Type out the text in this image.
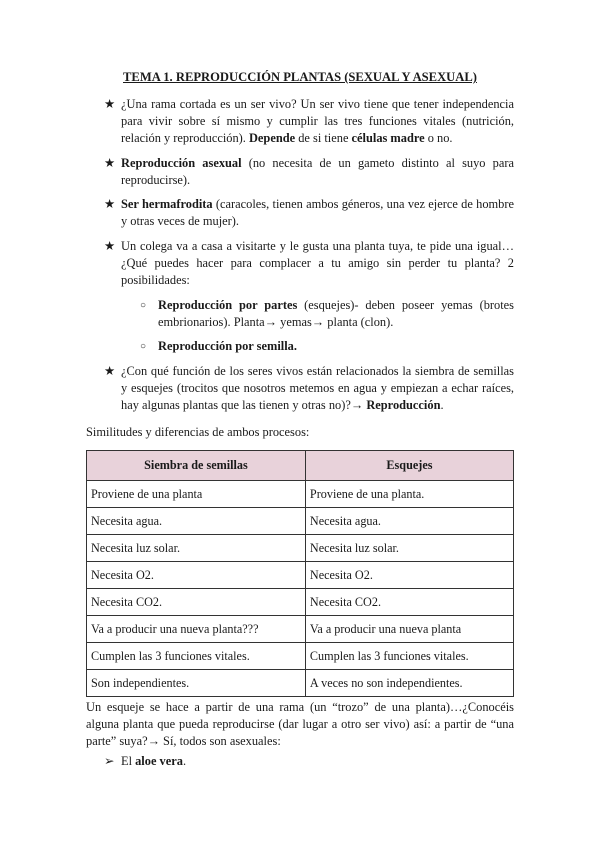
TEMA 1. REPRODUCCIÓN PLANTAS (SEXUAL Y ASEXUAL)
★ ¿Una rama cortada es un ser vivo? Un ser vivo tiene que tener independencia para vivir sobre sí mismo y cumplir las tres funciones vitales (nutrición, relación y reproducción). Depende de si tiene células madre o no.
★ Reproducción asexual (no necesita de un gameto distinto al suyo para reproducirse).
★ Ser hermafrodita (caracoles, tienen ambos géneros, una vez ejerce de hombre y otras veces de mujer).
★ Un colega va a casa a visitarte y le gusta una planta tuya, te pide una igual…¿Qué puedes hacer para complacer a tu amigo sin perder tu planta? 2 posibilidades:
○ Reproducción por partes (esquejes)- deben poseer yemas (brotes embrionarios). Planta→ yemas→ planta (clon).
○ Reproducción por semilla.
★ ¿Con qué función de los seres vivos están relacionados la siembra de semillas y esquejes (trocitos que nosotros metemos en agua y empiezan a echar raíces, hay algunas plantas que las tienen y otras no)?→ Reproducción.
Similitudes y diferencias de ambos procesos:
Siembra de semillas	Esquejes
Proviene de una planta	Proviene de una planta.
Necesita agua.	Necesita agua.
Necesita luz solar.	Necesita luz solar.
Necesita O2.	Necesita O2.
Necesita CO2.	Necesita CO2.
Va a producir una nueva planta???	Va a producir una nueva planta
Cumplen las 3 funciones vitales.	Cumplen las 3 funciones vitales.
Son independientes.	A veces no son independientes.
Un esqueje se hace a partir de una rama (un “trozo” de una planta)…¿Conocéis alguna planta que pueda reproducirse (dar lugar a otro ser vivo) así: a partir de “una parte” suya?→ Sí, todos son asexuales:
➢ El aloe vera.
